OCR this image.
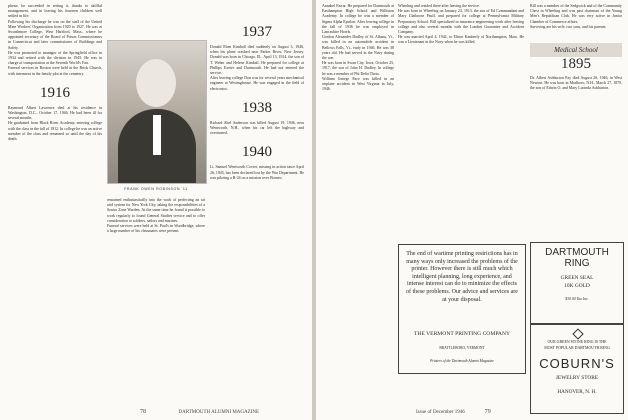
phone, he succeeded in setting it, thanks to skillful management, and in leaving his fourteen children well settled in life.
Following his discharge he was on the staff of the United Mine Workers' Organization from 1920 to 1927. He was at Swarthmore College, West Hartford, Mass., where he appointed secretary of the Board of Prison Commissioners in Connecticut and later commissioner of Buildings and Safety.
He was promoted to manager of the Springfield office in 1934 and retired with the division in 1945. He was in charge of transportation at the Seventh World's Fair.
Funeral services in Boston were held at the Brick Church, with interment in the family plot at the cemetery.
1916
Raymond Albert Lawrence died at his residence in Washington, D.C., October 17, 1946. He had been ill for several months.
He graduated from Black River Academy, entering college with the class in the fall of 1912. In college he was an active member of the class and remained so until the day of his death.
FRANK OWEN ROBINSON '11
remained enthusiastically into the work of perfecting an air raid system for New York City, taking the responsibilities of a Senior Zone Warden. At the same time he found it possible to work regularly to found General Studies service and to offer consideration to soldiers, sailors and marines.
Funeral services were held at St. Paul's in Woodbridge, where a large number of his classmates were present.
1937
Donald Eben Kimball died suddenly on August 3, 1946, when his plane crashed near Parker River, New Jersey. Donald was born in Chicago, Ill., April 13, 1914, the son of T. Weber and Helene Kimball. He prepared for college at Phillips Exeter and Dartmouth. He had not entered the service.
After leaving college Don was for several years mechanical engineer at Westinghouse. He was engaged in the field of electronics.
1938
Richard Abel Anderson was killed August 19, 1946, near Wentworth, N.H., when his car left the highway and overturned.
1940
Lt. Samuel Wentworth Covert, missing in action since April 26, 1945, has been declared lost by the War Department. He was piloting a B-24 on a mission over Borneo.
78	DARTMOUTH ALUMNI MAGAZINE
Annabel Farrar. He prepared for Dartmouth at Easthampton High School and Williston Academy. In college he was a member of Sigma Alpha Epsilon. After leaving college in the fall of 1936 he was employed in Lancashire Hotels.
Gordon Alexander Dudley of St. Albans, Vt., was killed in an automobile accident in Bellows Falls, Vt., early in 1946. He was 38 years old. He had served in the Navy during the war.
He was born in Swan City, Iowa, October 25, 1917, the son of John H. Dudley. In college he was a member of Phi Delta Theta.
William George Pace was killed in an airplane accident in West Virginia in July, 1946.
Wheeling and resided there after leaving the service.
He was born in Wheeling on January 23, 1913, the son of Ed Commandant and Mary Claiborne Paull, and prepared for college at Pennsylvania Military Preparatory School. Bill specialized in insurance engineering work after leaving college and also several months with the London Guarantee and Accident Company.
He was married April 4, 1942, to Elinor Kimberly of Northampton, Mass. He was a Lieutenant in the Navy when he was killed.
The end of wartime printing restrictions has in many ways only increased the problems of the printer. However there is still much which intelligent planning, long experience, and intense interest can do to minimize the effects of these problems. Our advice and services are at your disposal.
THE VERMONT PRINTING COMPANY
BRATTLEBORO, VERMONT
Printers of the Dartmouth Alumni Magazine
Bill was a member of the Sedgwick and of the Community Chest in Wheeling and was past chairman of the Young Men's Republican Club. He was very active in Junior Chamber of Commerce affairs.
Surviving are his wife, two sons, and his parents.
Medical School
1895
Dr. Albert Ashburton Fay died August 26, 1946, in West Newton. He was born in Marlboro, N.H., March 27, 1870, the son of Edwin O. and Mary Lucinda Ashburton.
DARTMOUTH
RING
GREEN SEAL
10K GOLD
$30.00 Tax Inc.
OUR GREEN STONE RING IS THE
MOST POPULAR DARTMOUTH RING
COBURN'S
JEWELRY STORE
HANOVER, N. H.
Issue of December 1946	79
